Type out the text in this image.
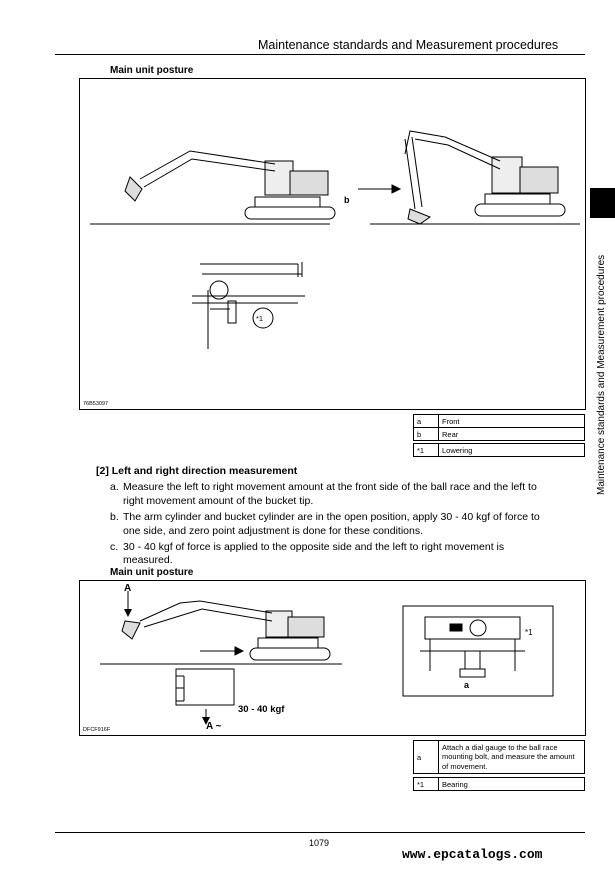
Maintenance standards and Measurement procedures
Maintenance standards and Measurement procedures
Main unit posture
b
*1
76B53097
a	Front
b	Rear

*1	Lowering
[2] Left and right direction measurement
a. Measure the left to right movement amount at the front side of the ball race and the left to
right movement amount of the bucket tip.
b. The arm cylinder and bucket cylinder are in the open position, apply 30 - 40 kgf of force to
one side, and zero point adjustment is done for these conditions.
c. 30 - 40 kgf of force is applied to the opposite side and the left to right movement is
measured.
Main unit posture
A
A ~
30 - 40 kgf
a
*1
DFCF916F
a	Attach a dial gauge to the ball race mounting bolt, and measure the amount of movement.

*1	Bearing
1079
www.epcatalogs.com
